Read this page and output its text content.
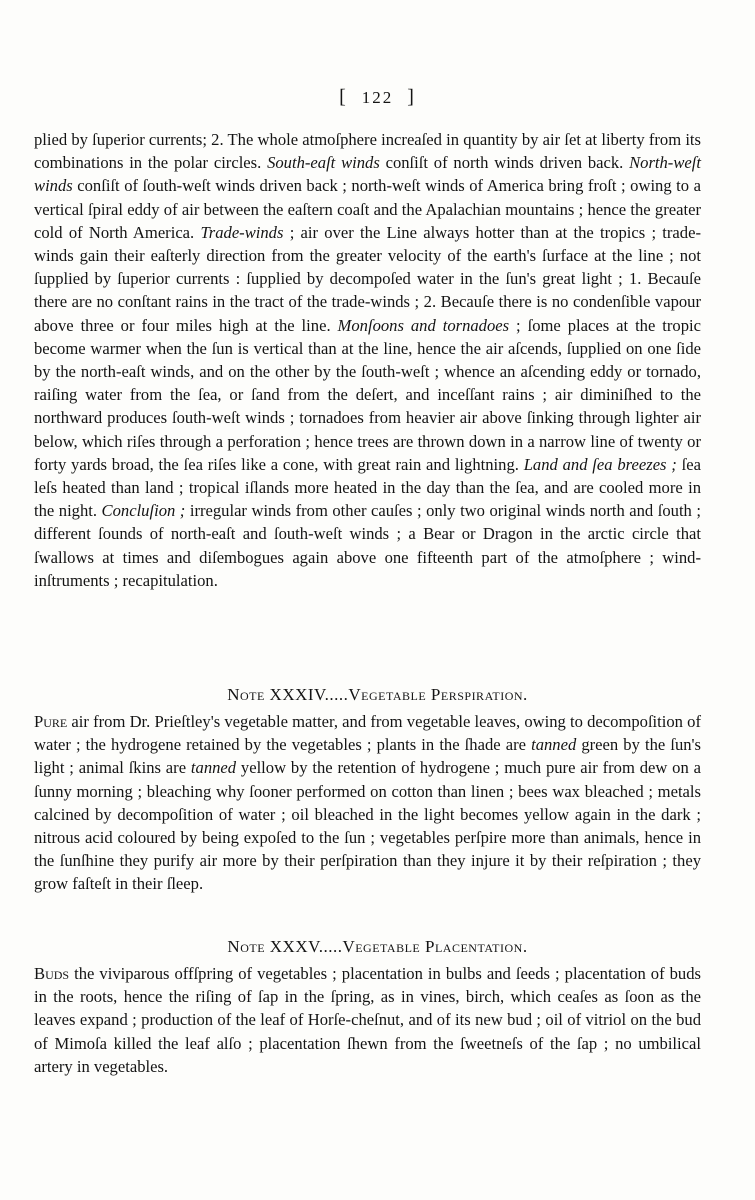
[ 122 ]

plied by ſuperior currents; 2. The whole atmoſphere increaſed in quantity by air ſet at liberty from its combinations in the polar circles. South-eaſt winds conſiſt of north winds driven back. North-weſt winds conſiſt of ſouth-weſt winds driven back ; north-weſt winds of America bring froſt ; owing to a vertical ſpiral eddy of air between the eaſtern coaſt and the Apalachian mountains ; hence the greater cold of North America. Trade-winds ; air over the Line always hotter than at the tropics ; trade-winds gain their eaſterly direction from the greater velocity of the earth's ſurface at the line ; not ſupplied by ſuperior currents : ſupplied by decompoſed water in the ſun's great light ; 1. Becauſe there are no conſtant rains in the tract of the trade-winds ; 2. Becauſe there is no condenſible vapour above three or four miles high at the line. Monſoons and tornadoes ; ſome places at the tropic become warmer when the ſun is vertical than at the line, hence the air aſcends, ſupplied on one ſide by the north-eaſt winds, and on the other by the ſouth-weſt ; whence an aſcending eddy or tornado, raiſing water from the ſea, or ſand from the deſert, and inceſſant rains ; air diminiſhed to the northward produces ſouth-weſt winds ; tornadoes from heavier air above ſinking through lighter air below, which riſes through a perforation ; hence trees are thrown down in a narrow line of twenty or forty yards broad, the ſea riſes like a cone, with great rain and lightning. Land and ſea breezes ; ſea leſs heated than land ; tropical iſlands more heated in the day than the ſea, and are cooled more in the night. Concluſion ; irregular winds from other cauſes ; only two original winds north and ſouth ; different ſounds of north-eaſt and ſouth-weſt winds ; a Bear or Dragon in the arctic circle that ſwallows at times and diſembogues again above one fifteenth part of the atmoſphere ; wind-inſtruments ; recapitulation.

Note XXXIV.....Vegetable Perſpiration.

Pure air from Dr. Prieſtley's vegetable matter, and from vegetable leaves, owing to decompoſition of water ; the hydrogene retained by the vegetables ; plants in the ſhade are tanned green by the ſun's light ; animal ſkins are tanned yellow by the retention of hydrogene ; much pure air from dew on a ſunny morning ; bleaching why ſooner performed on cotton than linen ; bees wax bleached ; metals calcined by decompoſition of water ; oil bleached in the light becomes yellow again in the dark ; nitrous acid coloured by being expoſed to the ſun ; vegetables perſpire more than animals, hence in the ſunſhine they purify air more by their perſpiration than they injure it by their reſpiration ; they grow faſteſt in their ſleep.

Note XXXV.....Vegetable Placentation.

Buds the viviparous offſpring of vegetables ; placentation in bulbs and ſeeds ; placentation of buds in the roots, hence the riſing of ſap in the ſpring, as in vines, birch, which ceaſes as ſoon as the leaves expand ; production of the leaf of Horſe-cheſnut, and of its new bud ; oil of vitriol on the bud of Mimoſa killed the leaf alſo ; placentation ſhewn from the ſweetneſs of the ſap ; no umbilical artery in vegetables.
